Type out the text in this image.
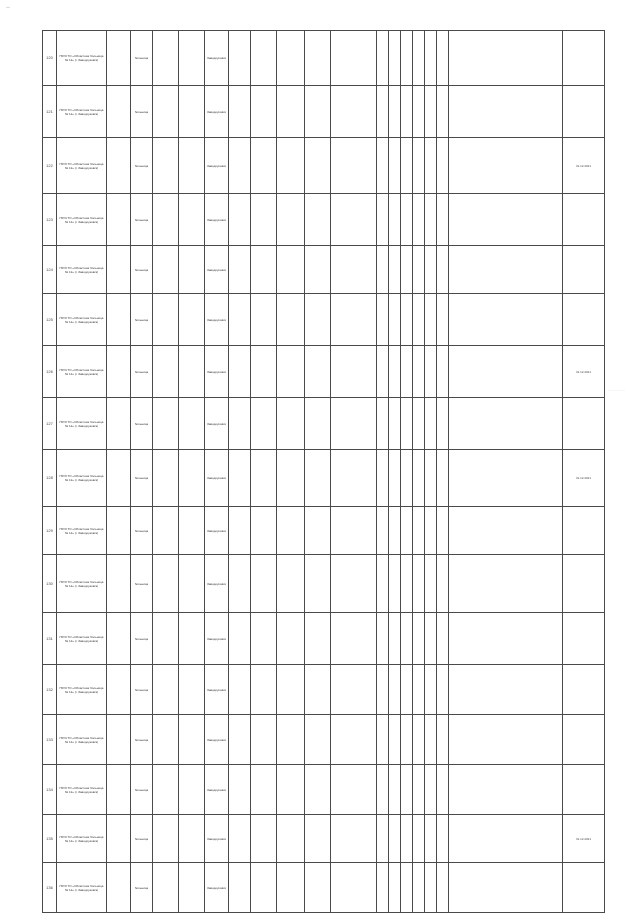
—
.............
120	ГБУЗ ТО «Областная больница № 12» (г. Заводоуковск)		больница			Заводоуковск													
121	ГБУЗ ТО «Областная больница № 12» (г. Заводоуковск)		больница			Заводоуковск													
122	ГБУЗ ТО «Областная больница № 12» (г. Заводоуковск)		больница			Заводоуковск													31.12.2021
123	ГБУЗ ТО «Областная больница № 12» (г. Заводоуковск)		больница			Заводоуковск													
124	ГБУЗ ТО «Областная больница № 12» (г. Заводоуковск)		больница			Заводоуковск													
125	ГБУЗ ТО «Областная больница № 12» (г. Заводоуковск)		больница			Заводоуковск													
126	ГБУЗ ТО «Областная больница № 12» (г. Заводоуковск)		больница			Заводоуковск													31.12.2021
127	ГБУЗ ТО «Областная больница № 12» (г. Заводоуковск)		больница			Заводоуковск													
128	ГБУЗ ТО «Областная больница № 12» (г. Заводоуковск)		больница			Заводоуковск													31.12.2021
129	ГБУЗ ТО «Областная больница № 12» (г. Заводоуковск)		больница			Заводоуковск													
130	ГБУЗ ТО «Областная больница № 12» (г. Заводоуковск)		больница			Заводоуковск													
131	ГБУЗ ТО «Областная больница № 12» (г. Заводоуковск)		больница			Заводоуковск													
132	ГБУЗ ТО «Областная больница № 12» (г. Заводоуковск)		больница			Заводоуковск													
133	ГБУЗ ТО «Областная больница № 12» (г. Заводоуковск)		больница			Заводоуковск													
134	ГБУЗ ТО «Областная больница № 12» (г. Заводоуковск)		больница			Заводоуковск													
135	ГБУЗ ТО «Областная больница № 12» (г. Заводоуковск)		больница			Заводоуковск													31.12.2021
136	ГБУЗ ТО «Областная больница № 12» (г. Заводоуковск)		больница			Заводоуковск													
